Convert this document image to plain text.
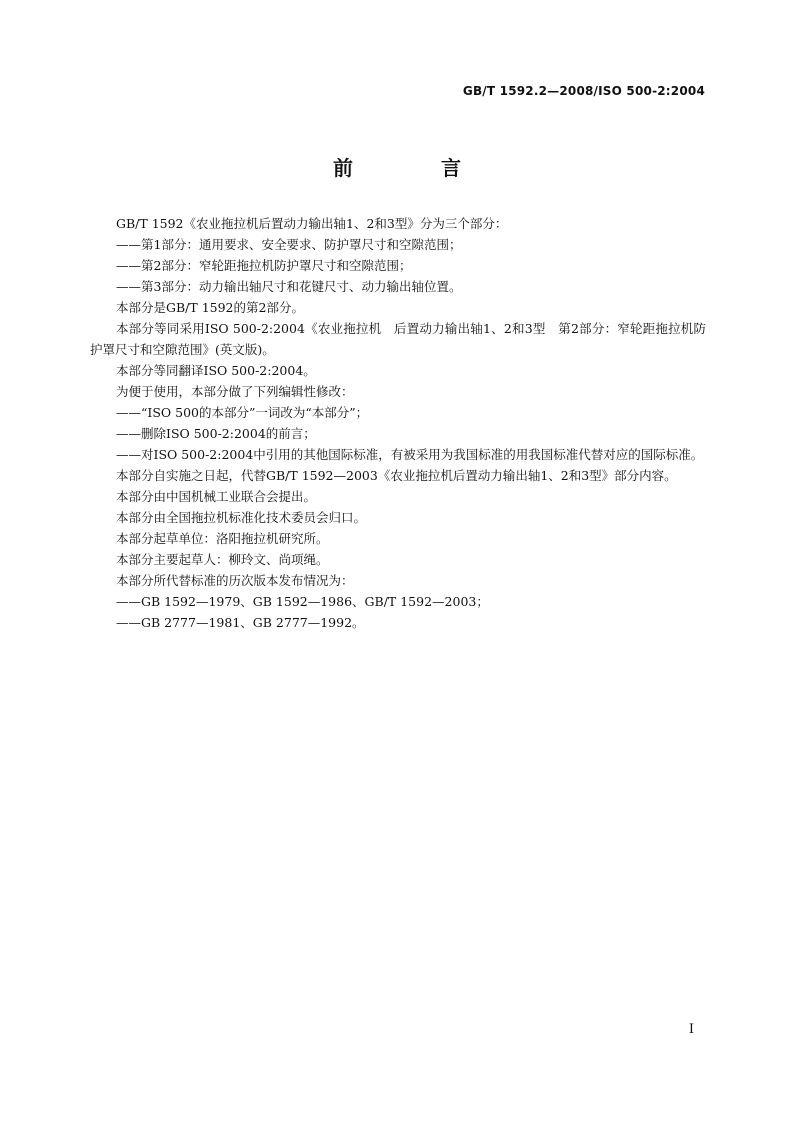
GB/T 1592.2—2008/ISO 500-2:2004
前　言

GB/T 1592《农业拖拉机后置动力输出轴1、2和3型》分为三个部分：

——第1部分：通用要求、安全要求、防护罩尺寸和空隙范围；

——第2部分：窄轮距拖拉机防护罩尺寸和空隙范围；

——第3部分：动力输出轴尺寸和花键尺寸、动力输出轴位置。

本部分是GB/T 1592的第2部分。

本部分等同采用ISO 500-2:2004《农业拖拉机　后置动力输出轴1、2和3型　第2部分：窄轮距拖拉机防护罩尺寸和空隙范围》(英文版)。

本部分等同翻译ISO 500-2:2004。

为便于使用，本部分做了下列编辑性修改：

——“ISO 500的本部分”一词改为“本部分”；

——删除ISO 500-2:2004的前言；

——对ISO 500-2:2004中引用的其他国际标准，有被采用为我国标准的用我国标准代替对应的国际标准。

本部分自实施之日起，代替GB/T 1592—2003《农业拖拉机后置动力输出轴1、2和3型》部分内容。

本部分由中国机械工业联合会提出。

本部分由全国拖拉机标准化技术委员会归口。

本部分起草单位：洛阳拖拉机研究所。

本部分主要起草人：柳玲文、尚项绳。

本部分所代替标准的历次版本发布情况为：

——GB 1592—1979、GB 1592—1986、GB/T 1592—2003；

——GB 2777—1981、GB 2777—1992。

I
